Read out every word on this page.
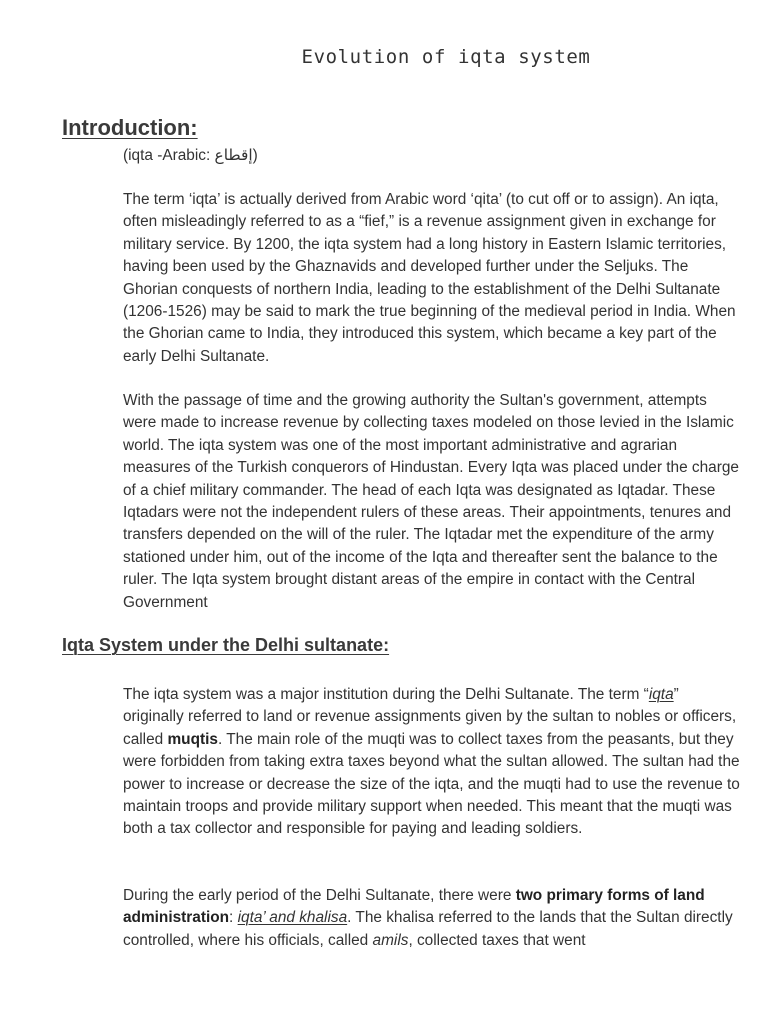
Evolution of iqta system
Introduction:

(iqta -Arabic: إقطاع)

The term ‘iqta’ is actually derived from Arabic word ‘qita’ (to cut off or to assign). An iqta, often misleadingly referred to as a “fief,” is a revenue assignment given in exchange for military service. By 1200, the iqta system had a long history in Eastern Islamic territories, having been used by the Ghaznavids and developed further under the Seljuks. The Ghorian conquests of northern India, leading to the establishment of the Delhi Sultanate (1206-1526) may be said to mark the true beginning of the medieval period in India. When the Ghorian came to India, they introduced this system, which became a key part of the early Delhi Sultanate.

With the passage of time and the growing authority the Sultan's government, attempts were made to increase revenue by collecting taxes modeled on those levied in the Islamic world. The iqta system was one of the most important administrative and agrarian measures of the Turkish conquerors of Hindustan. Every Iqta was placed under the charge of a chief military commander. The head of each Iqta was designated as Iqtadar. These Iqtadars were not the independent rulers of these areas. Their appointments, tenures and transfers depended on the will of the ruler. The Iqtadar met the expenditure of the army stationed under him, out of the income of the Iqta and thereafter sent the balance to the ruler. The Iqta system brought distant areas of the empire in contact with the Central Government

Iqta System under the Delhi sultanate:

The iqta system was a major institution during the Delhi Sultanate. The term “iqta” originally referred to land or revenue assignments given by the sultan to nobles or officers, called muqtis. The main role of the muqti was to collect taxes from the peasants, but they were forbidden from taking extra taxes beyond what the sultan allowed. The sultan had the power to increase or decrease the size of the iqta, and the muqti had to use the revenue to maintain troops and provide military support when needed. This meant that the muqti was both a tax collector and responsible for paying and leading soldiers.

During the early period of the Delhi Sultanate, there were two primary forms of land administration: iqta’ and khalisa. The khalisa referred to the lands that the Sultan directly controlled, where his officials, called amils, collected taxes that went
